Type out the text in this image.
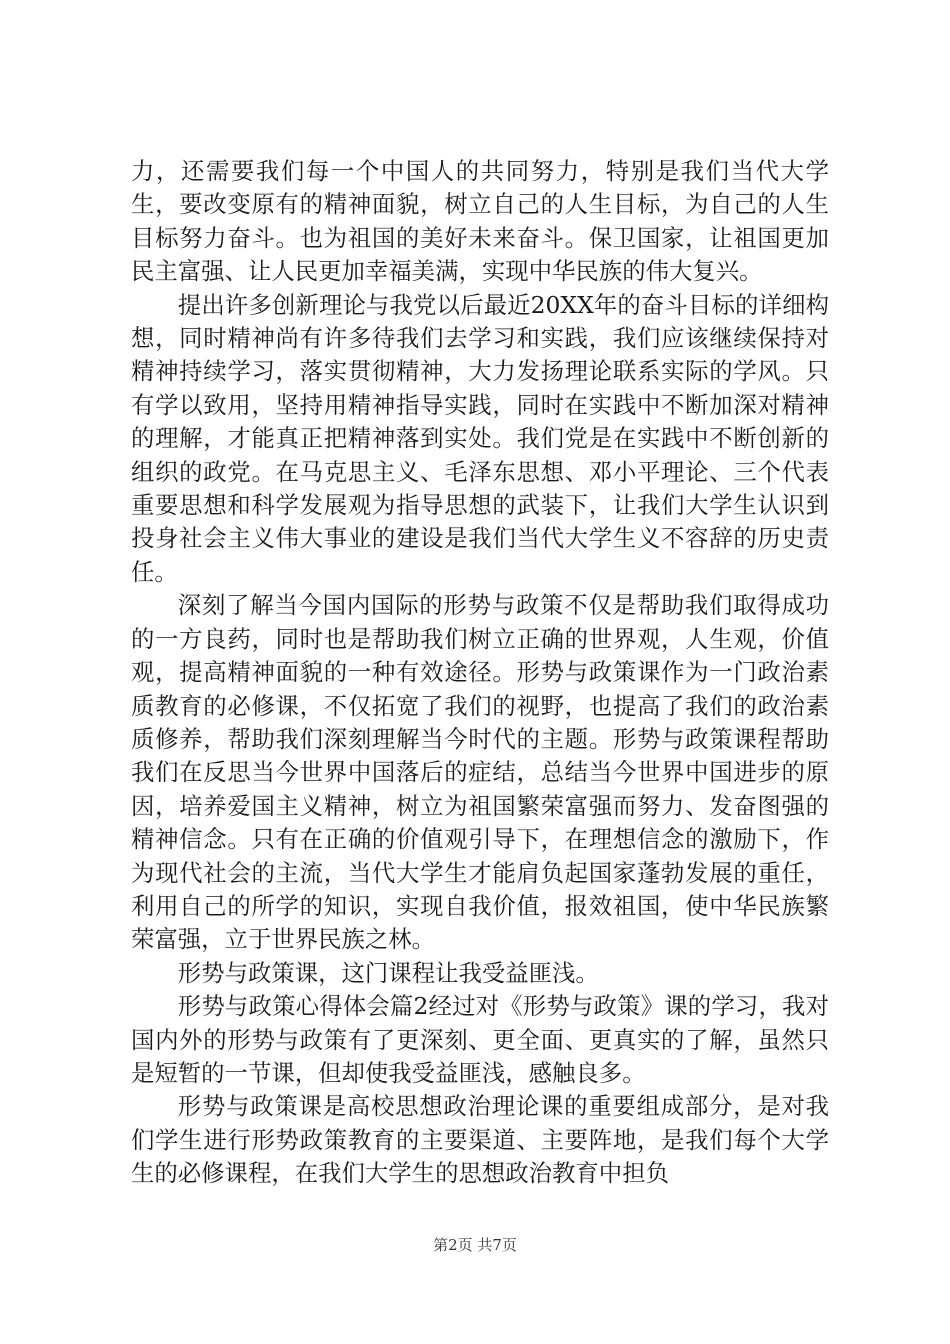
力，还需要我们每一个中国人的共同努力，特别是我们当代大学生，要改变原有的精神面貌，树立自己的人生目标，为自己的人生目标努力奋斗。也为祖国的美好未来奋斗。保卫国家，让祖国更加民主富强、让人民更加幸福美满，实现中华民族的伟大复兴。

提出许多创新理论与我党以后最近20XX年的奋斗目标的详细构想，同时精神尚有许多待我们去学习和实践，我们应该继续保持对精神持续学习，落实贯彻精神，大力发扬理论联系实际的学风。只有学以致用，坚持用精神指导实践，同时在实践中不断加深对精神的理解，才能真正把精神落到实处。我们党是在实践中不断创新的组织的政党。在马克思主义、毛泽东思想、邓小平理论、三个代表重要思想和科学发展观为指导思想的武装下，让我们大学生认识到投身社会主义伟大事业的建设是我们当代大学生义不容辞的历史责任。

深刻了解当今国内国际的形势与政策不仅是帮助我们取得成功的一方良药，同时也是帮助我们树立正确的世界观，人生观，价值观，提高精神面貌的一种有效途径。形势与政策课作为一门政治素质教育的必修课，不仅拓宽了我们的视野，也提高了我们的政治素质修养，帮助我们深刻理解当今时代的主题。形势与政策课程帮助我们在反思当今世界中国落后的症结，总结当今世界中国进步的原因，培养爱国主义精神，树立为祖国繁荣富强而努力、发奋图强的精神信念。只有在正确的价值观引导下，在理想信念的激励下，作为现代社会的主流，当代大学生才能肩负起国家蓬勃发展的重任，利用自己的所学的知识，实现自我价值，报效祖国，使中华民族繁荣富强，立于世界民族之林。

形势与政策课，这门课程让我受益匪浅。

形势与政策心得体会篇2经过对《形势与政策》课的学习，我对国内外的形势与政策有了更深刻、更全面、更真实的了解，虽然只是短暂的一节课，但却使我受益匪浅，感触良多。

形势与政策课是高校思想政治理论课的重要组成部分，是对我们学生进行形势政策教育的主要渠道、主要阵地，是我们每个大学生的必修课程，在我们大学生的思想政治教育中担负

第2页 共7页
